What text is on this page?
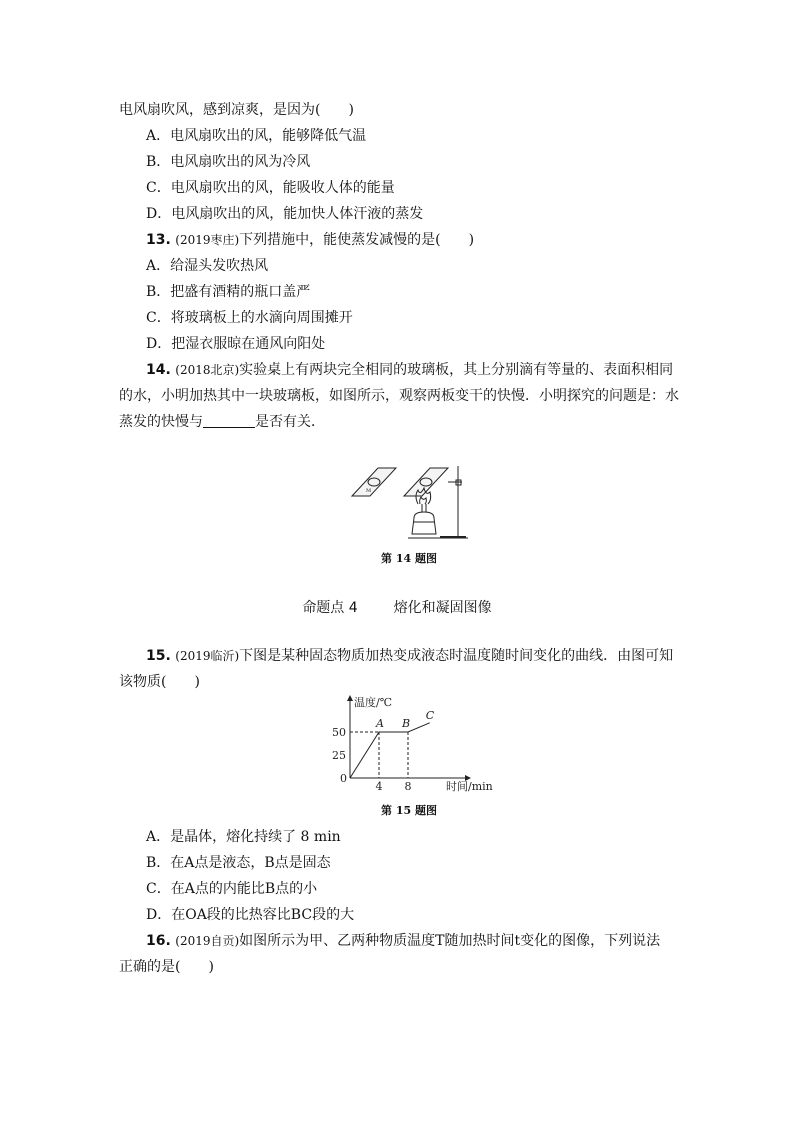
电风扇吹风，感到凉爽，是因为(　　)
A．电风扇吹出的风，能够降低气温
B．电风扇吹出的风为冷风
C．电风扇吹出的风，能吸收人体的能量
D．电风扇吹出的风，能加快人体汗液的蒸发
13. (2019枣庄)下列措施中，能使蒸发减慢的是(　　)
A．给湿头发吹热风
B．把盛有酒精的瓶口盖严
C．将玻璃板上的水滴向周围摊开
D．把湿衣服晾在通风向阳处
14. (2018北京)实验桌上有两块完全相同的玻璃板，其上分别滴有等量的、表面积相同
的水，小明加热其中一块玻璃板，如图所示，观察两板变干的快慢．小明探究的问题是：水
蒸发的快慢与	是否有关．
M
第 14 题图
命题点 4	熔化和凝固图像
15. (2019临沂)下图是某种固态物质加热变成液态时温度随时间变化的曲线．由图可知
该物质(　　)
温度/℃
时间/min
0
25
50
4 8
A B
C
第 15 题图
A．是晶体，熔化持续了 8 min
B．在A点是液态，B点是固态
C．在A点的内能比B点的小
D．在OA段的比热容比BC段的大
16. (2019自贡)如图所示为甲、乙两种物质温度T随加热时间t变化的图像，下列说法
正确的是(　　)
